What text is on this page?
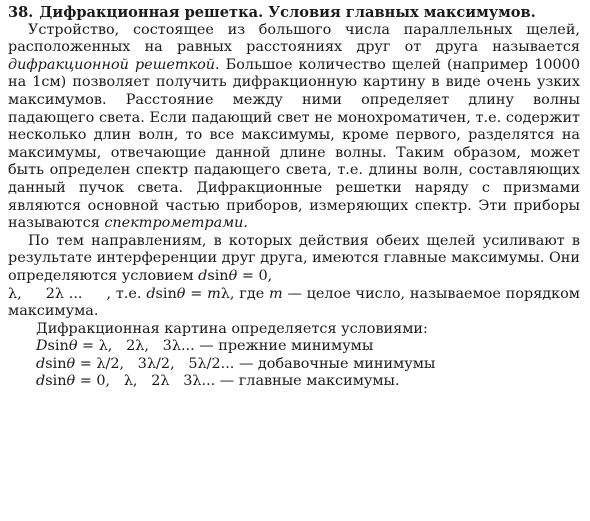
38. Дифракционная решетка. Условия главных максимумов.

Устройство, состоящее из большого числа параллельных щелей, расположенных на равных расстояниях друг от друга называется дифракционной решеткой. Большое количество щелей (например 10000 на 1см) позволяет получить дифракционную картину в виде очень узких максимумов. Расстояние между ними определяет длину волны падающего света. Если падающий свет не монохроматичен, т.е. содержит несколько длин волн, то все максимумы, кроме первого, разделятся на максимумы, отвечающие данной длине волны. Таким образом, может быть определен спектр падающего света, т.е. длины волн, составляющих данный пучок света. Дифракционные решетки наряду с призмами являются основной частью приборов, измеряющих спектр. Эти приборы называются спектрометрами.

По тем направлениям, в которых действия обеих щелей усиливают в результате интерференции друг друга, имеются главные максимумы. Они определяются условием dsinθ = 0,
λ,     2λ ...     , т.е. dsinθ = mλ, где m — целое число, называемое порядком максимума.

Дифракционная картина определяется условиями:
Dsinθ = λ,   2λ,   3λ... — прежние минимумы
dsinθ = λ/2,   3λ/2,   5λ/2... — добавочные минимумы
dsinθ = 0,   λ,   2λ   3λ... — главные максимумы.
